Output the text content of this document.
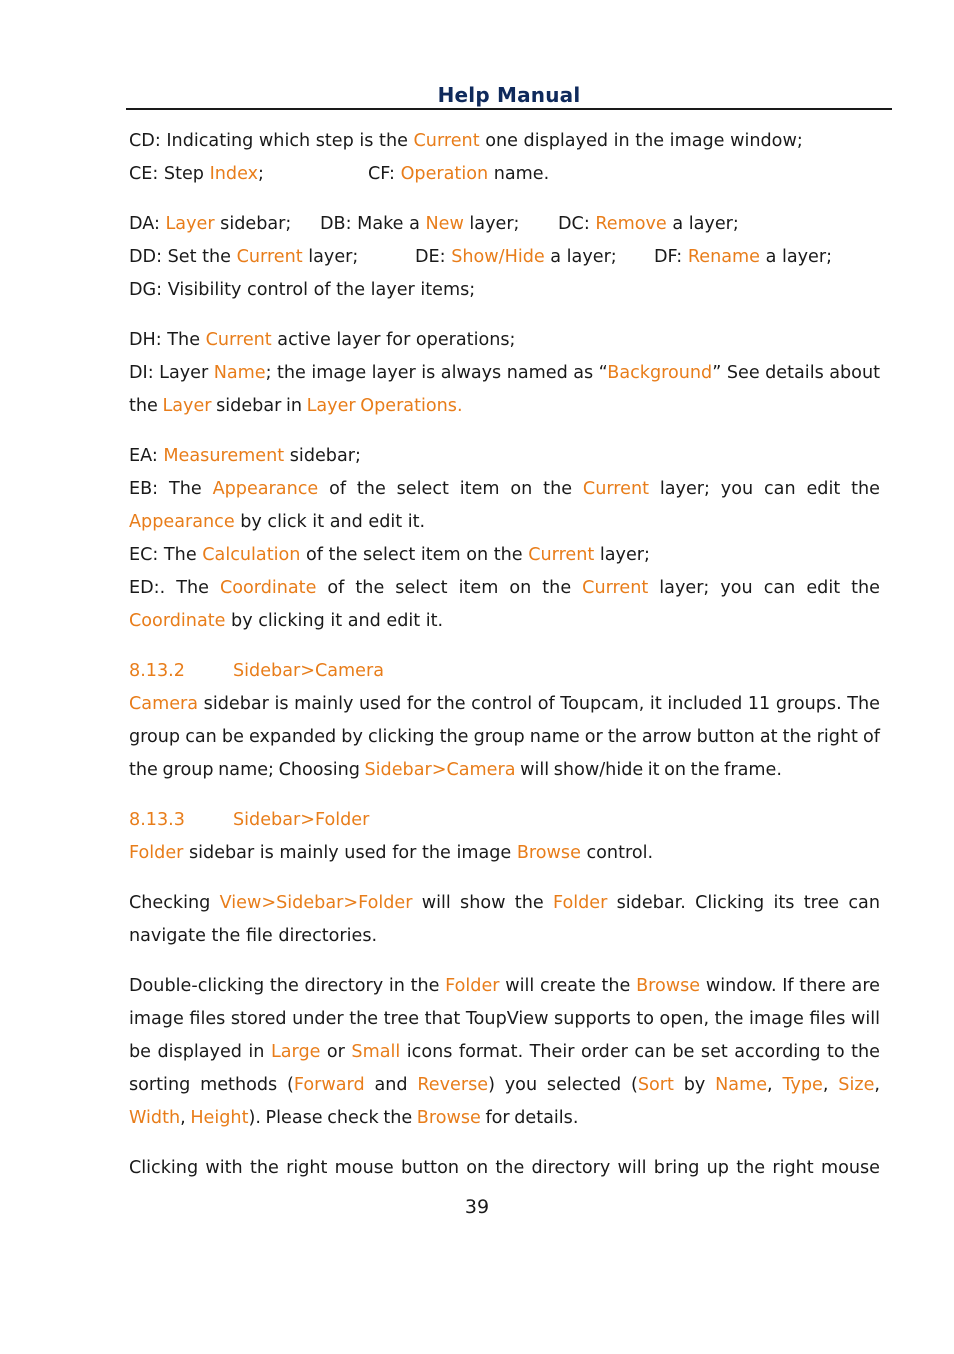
Help Manual

CD: Indicating which step is the Current one displayed in the image window;

CE: Step Index;	CF: Operation name.

DA: Layer sidebar; DB: Make a New layer; DC: Remove a layer;

DD: Set the Current layer;	DE: Show/Hide a layer; DF: Rename a layer;

DG: Visibility control of the layer items;

DH: The Current active layer for operations;

DI: Layer Name; the image layer is always named as “Background” See details about the Layer sidebar in Layer Operations.

EA: Measurement sidebar;

EB: The Appearance of the select item on the Current layer; you can edit the Appearance by click it and edit it.

EC: The Calculation of the select item on the Current layer;

ED:. The Coordinate of the select item on the Current layer; you can edit the Coordinate by clicking it and edit it.

8.13.2	Sidebar>Camera

Camera sidebar is mainly used for the control of Toupcam, it included 11 groups. The group can be expanded by clicking the group name or the arrow button at the right of the group name; Choosing Sidebar>Camera will show/hide it on the frame.

8.13.3	Sidebar>Folder

Folder sidebar is mainly used for the image Browse control.

Checking View>Sidebar>Folder will show the Folder sidebar. Clicking its tree can navigate the file directories.

Double-clicking the directory in the Folder will create the Browse window. If there are image files stored under the tree that ToupView supports to open, the image files will be displayed in Large or Small icons format. Their order can be set according to the sorting methods (Forward and Reverse) you selected (Sort by Name, Type, Size, Width, Height). Please check the Browse for details.

Clicking with the right mouse button on the directory will bring up the right mouse

39
